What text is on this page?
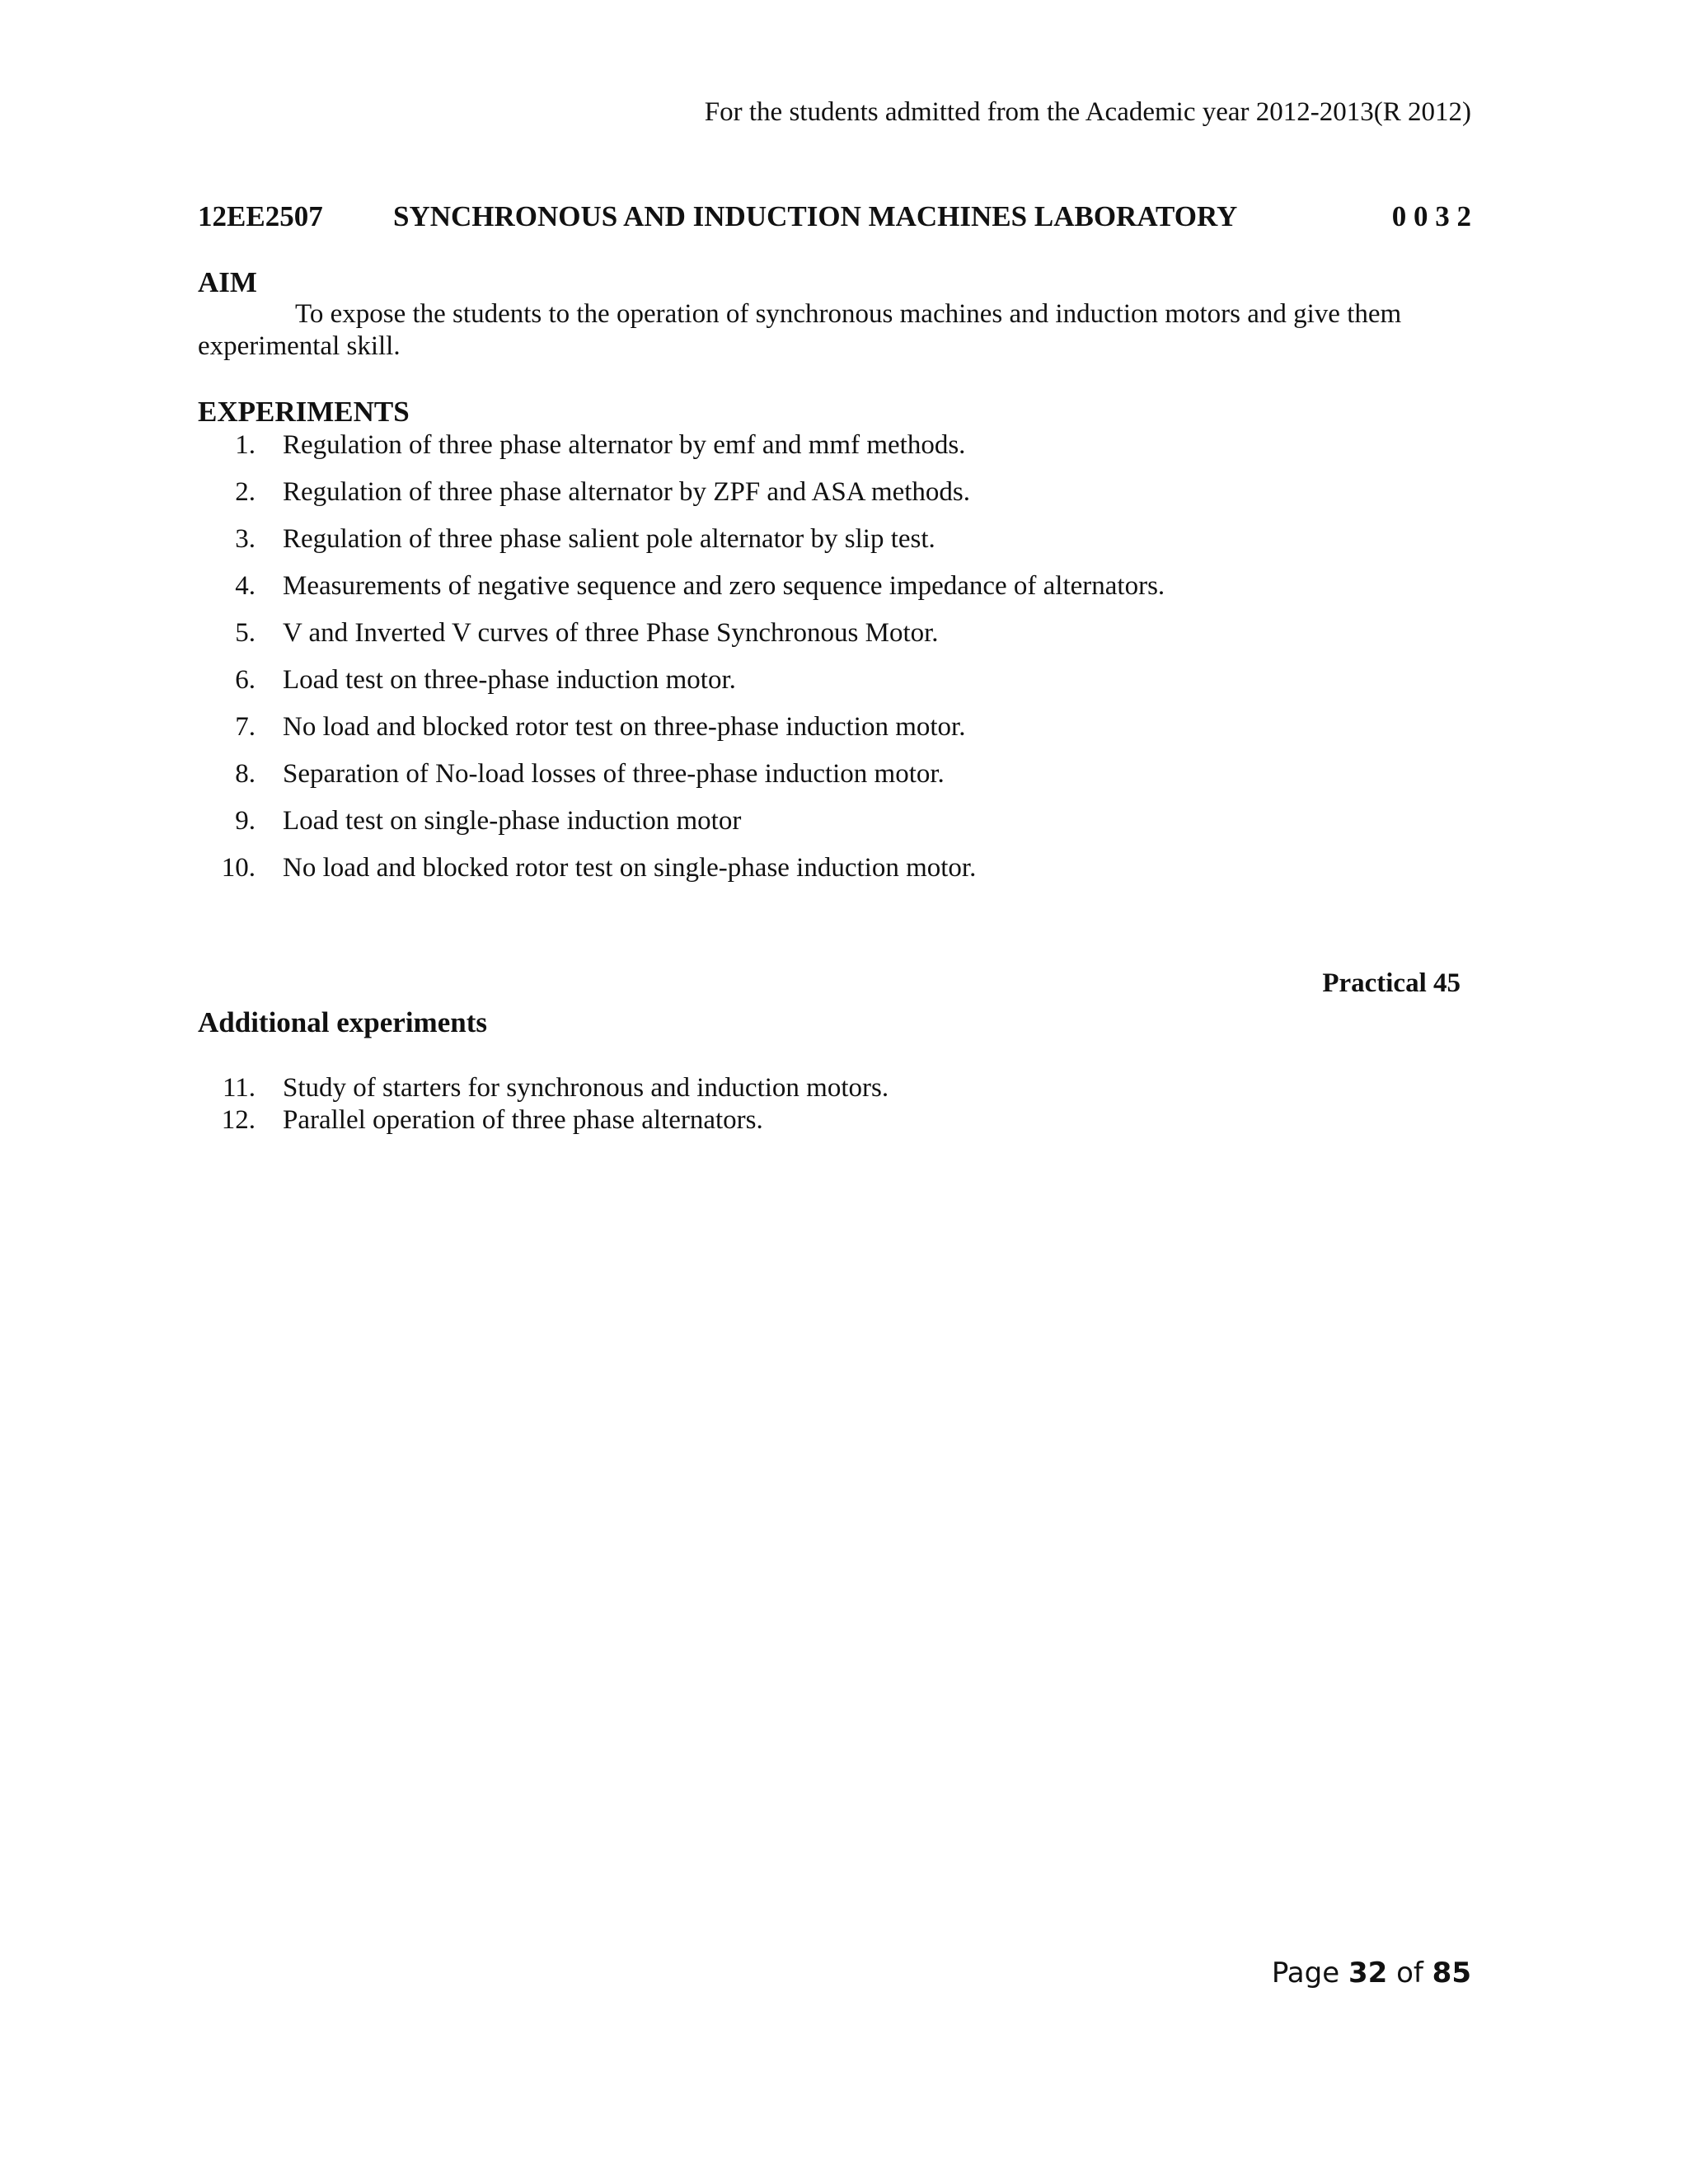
For the students admitted from the Academic year 2012-2013(R 2012)
12EE2507 SYNCHRONOUS AND INDUCTION MACHINES LABORATORY	0 0 3 2
AIM
To expose the students to the operation of synchronous machines and induction motors and give them experimental skill.
EXPERIMENTS
1. Regulation of three phase alternator by emf and mmf methods.
2. Regulation of three phase alternator by ZPF and ASA methods.
3. Regulation of three phase salient pole alternator by slip test.
4. Measurements of negative sequence and zero sequence impedance of alternators.
5. V and Inverted V curves of three Phase Synchronous Motor.
6. Load test on three-phase induction motor.
7. No load and blocked rotor test on three-phase induction motor.
8. Separation of No-load losses of three-phase induction motor.
9. Load test on single-phase induction motor
10. No load and blocked rotor test on single-phase induction motor.
Practical 45
Additional experiments
11. Study of starters for synchronous and induction motors.
12. Parallel operation of three phase alternators.
Page 32 of 85
